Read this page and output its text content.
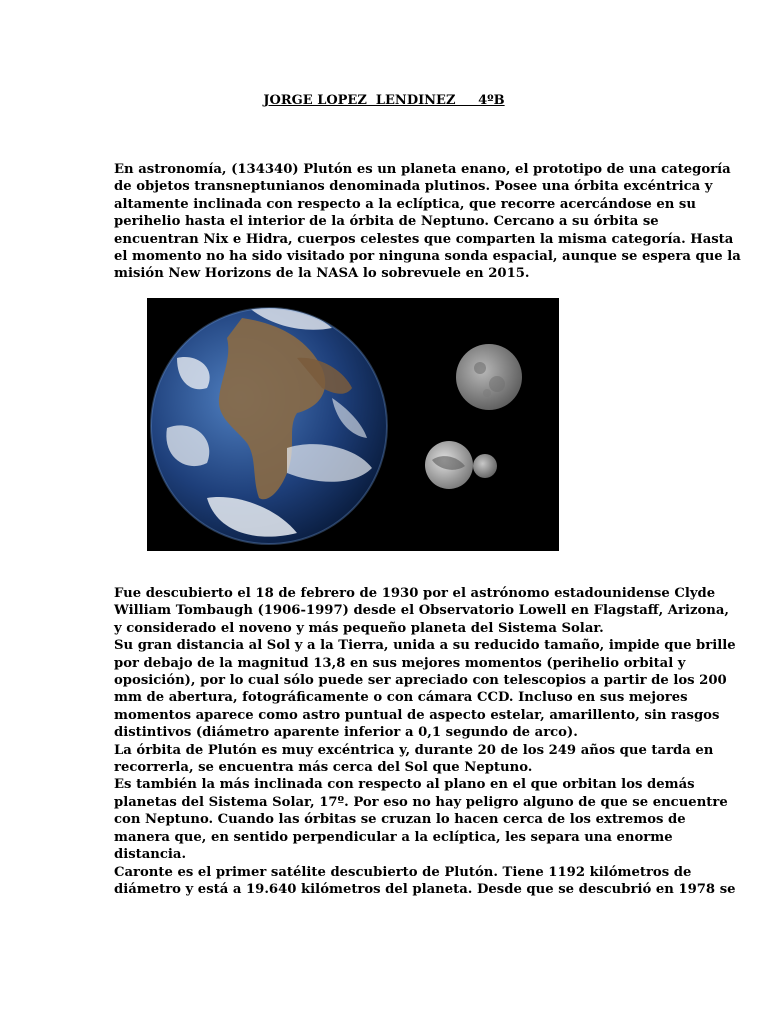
JORGE LOPEZ  LENDINEZ     4ºB
En astronomía, (134340) Plutón es un planeta enano, el prototipo de una categoría
de objetos transneptunianos denominada plutinos. Posee una órbita excéntrica y
altamente inclinada con respecto a la eclíptica, que recorre acercándose en su
perihelio hasta el interior de la órbita de Neptuno. Cercano a su órbita se
encuentran Nix e Hidra, cuerpos celestes que comparten la misma categoría. Hasta
el momento no ha sido visitado por ninguna sonda espacial, aunque se espera que la
misión New Horizons de la NASA lo sobrevuele en 2015.
Fue descubierto el 18 de febrero de 1930 por el astrónomo estadounidense Clyde
William Tombaugh (1906-1997) desde el Observatorio Lowell en Flagstaff, Arizona,
y considerado el noveno y más pequeño planeta del Sistema Solar.
Su gran distancia al Sol y a la Tierra, unida a su reducido tamaño, impide que brille
por debajo de la magnitud 13,8 en sus mejores momentos (perihelio orbital y
oposición), por lo cual sólo puede ser apreciado con telescopios a partir de los 200
mm de abertura, fotográficamente o con cámara CCD. Incluso en sus mejores
momentos aparece como astro puntual de aspecto estelar, amarillento, sin rasgos
distintivos (diámetro aparente inferior a 0,1 segundo de arco).
La órbita de Plutón es muy excéntrica y, durante 20 de los 249 años que tarda en
recorrerla, se encuentra más cerca del Sol que Neptuno.
Es también la más inclinada con respecto al plano en el que orbitan los demás
planetas del Sistema Solar, 17º. Por eso no hay peligro alguno de que se encuentre
con Neptuno. Cuando las órbitas se cruzan lo hacen cerca de los extremos de
manera que, en sentido perpendicular a la eclíptica, les separa una enorme
distancia.
Caronte es el primer satélite descubierto de Plutón. Tiene 1192 kilómetros de
diámetro y está a 19.640 kilómetros del planeta. Desde que se descubrió en 1978 se
